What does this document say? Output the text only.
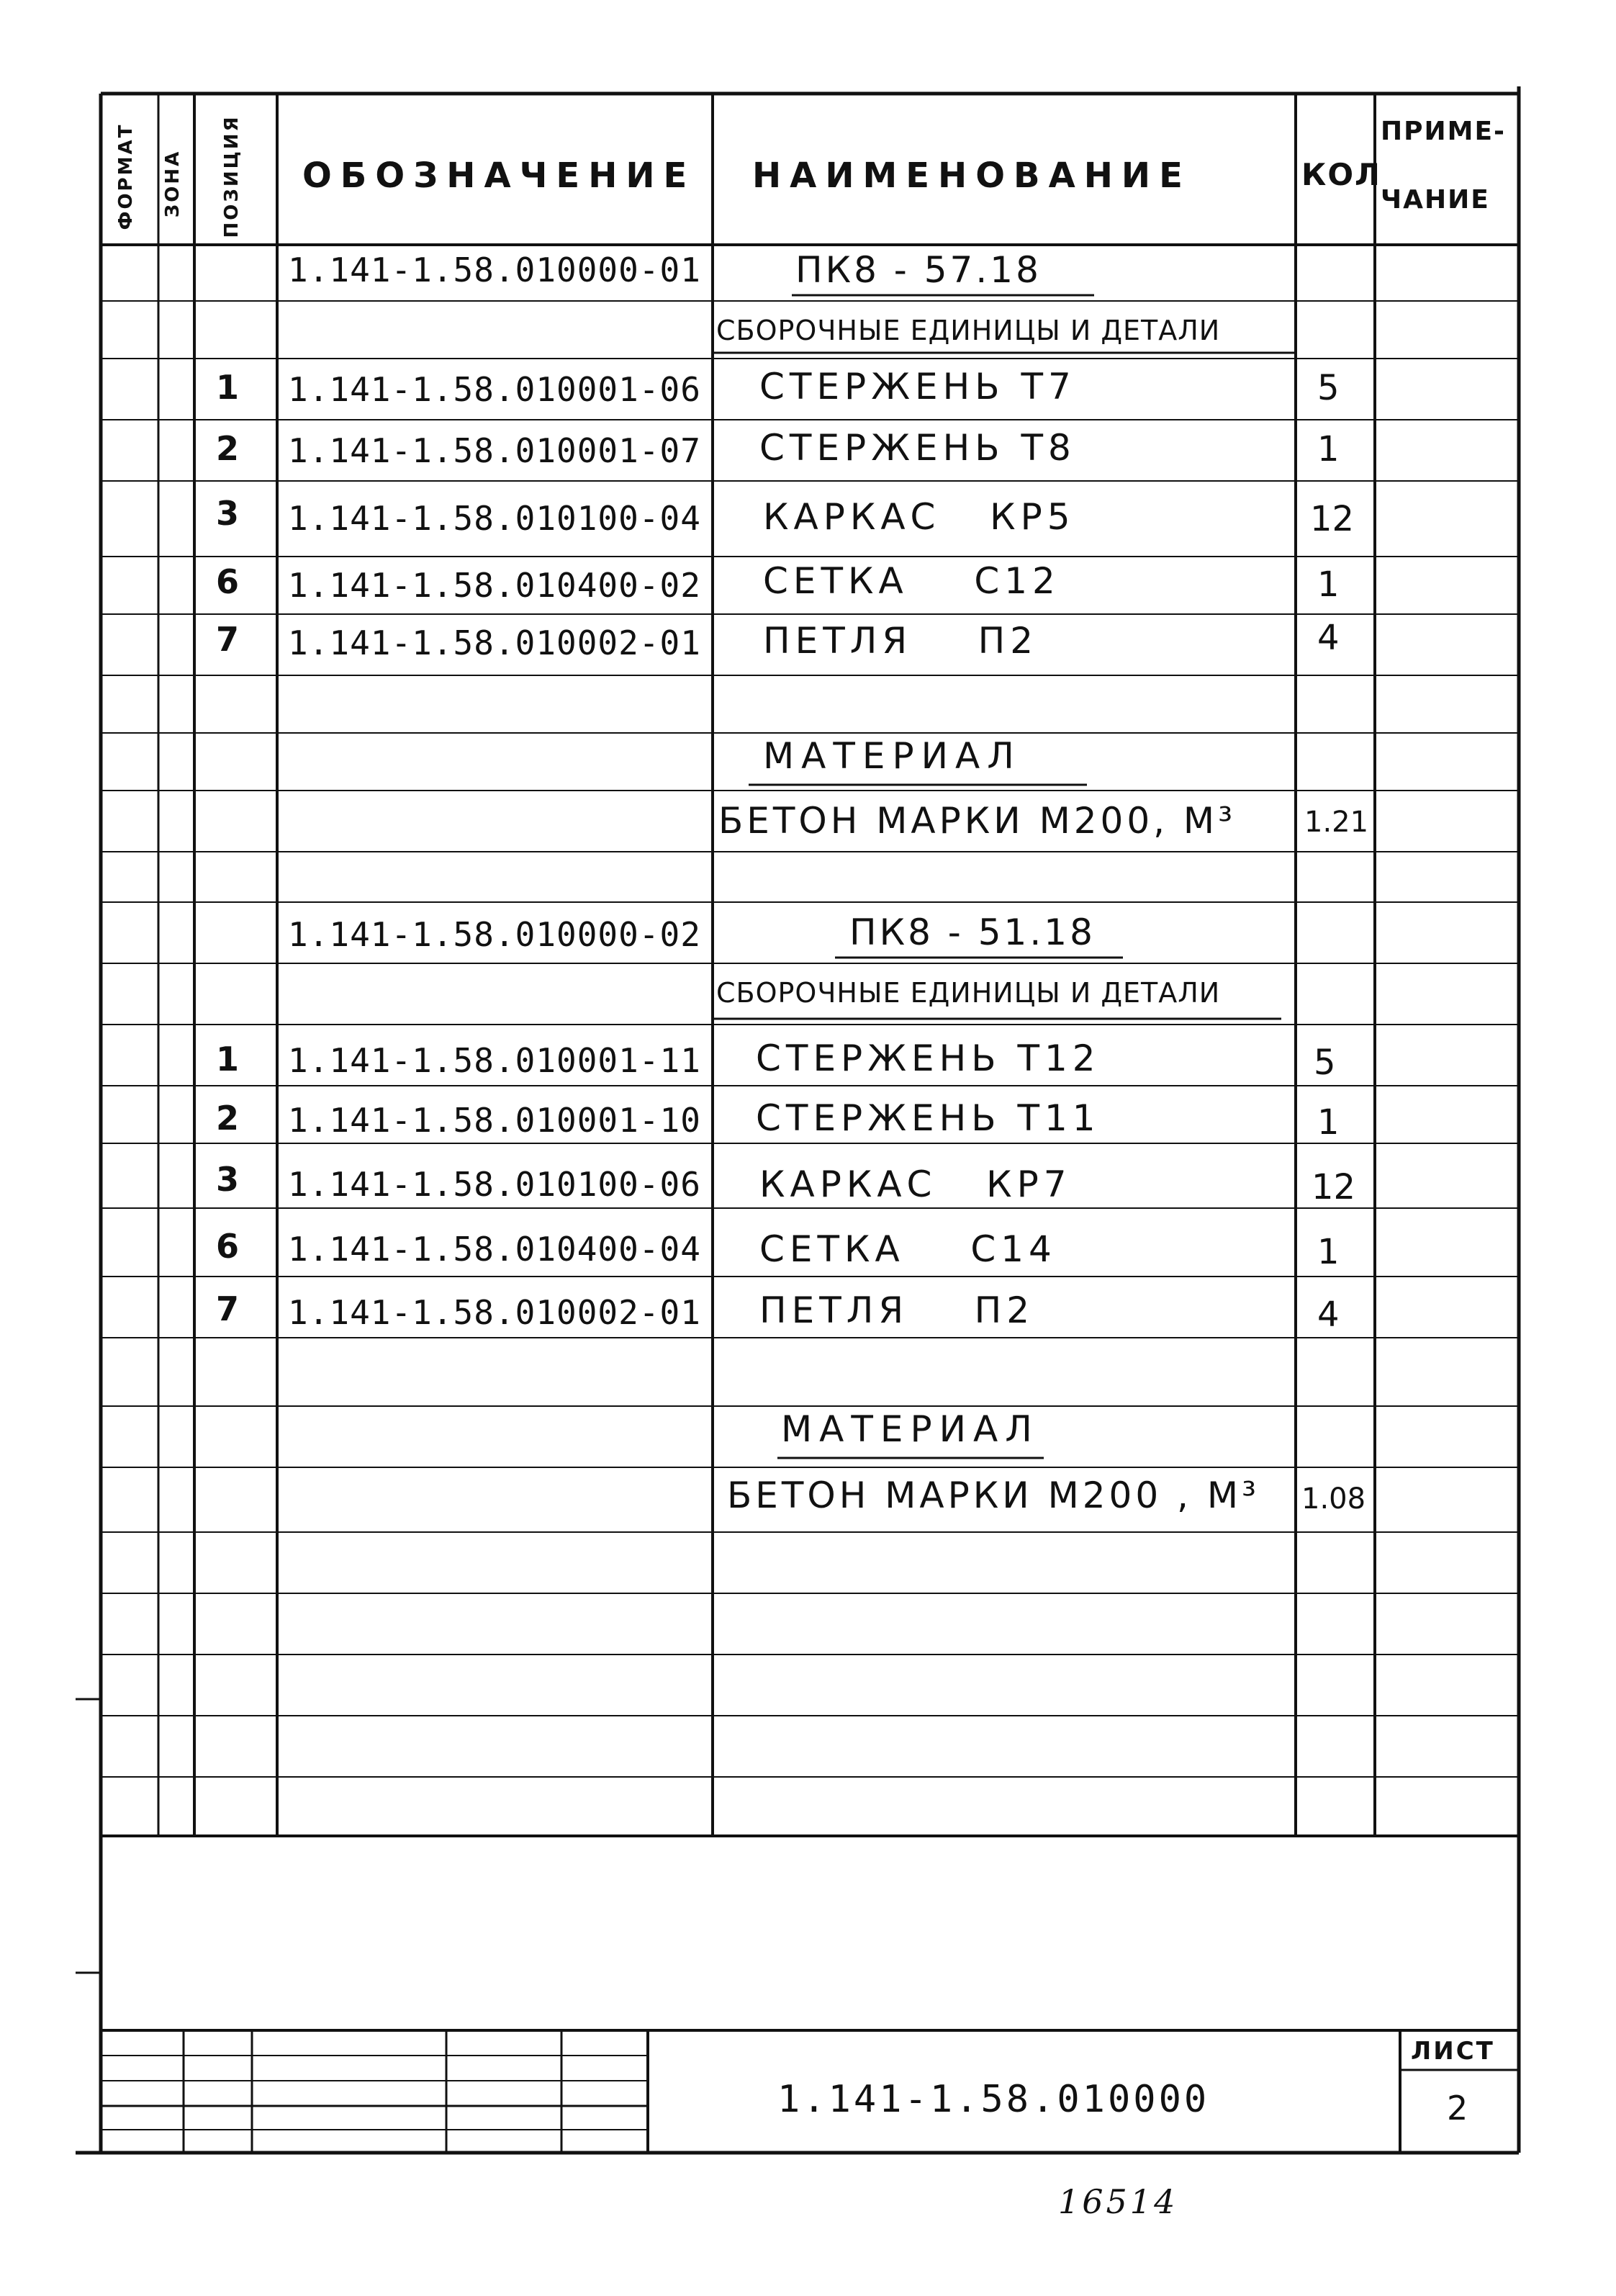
ФОРМАТ	ЗОНА	ПОЗИЦИЯ ОБОЗНАЧЕНИЕ НАИМЕНОВАНИЕ	КОЛ
ПРИМЕ-
ЧАНИЕ
1.141-1.58.010000-01	ПК8 - 57.18
СБОРОЧНЫЕ ЕДИНИЦЫ И ДЕТАЛИ
1 1.141-1.58.010001-06 СТЕРЖЕНЬ Т7	5
2 1.141-1.58.010001-07 СТЕРЖЕНЬ Т8	1
3 1.141-1.58.010100-04 КАРКАС   КР5	12
6 1.141-1.58.010400-02 СЕТКА    С12	1
7 1.141-1.58.010002-01 ПЕТЛЯ    П2	4
МАТЕРИАЛ
БЕТОН МАРКИ М200, М³ 1.21
1.141-1.58.010000-02	ПК8 - 51.18
СБОРОЧНЫЕ ЕДИНИЦЫ И ДЕТАЛИ
1 1.141-1.58.010001-11 СТЕРЖЕНЬ Т12	5
2 1.141-1.58.010001-10 СТЕРЖЕНЬ Т11	1
3 1.141-1.58.010100-06 КАРКАС   КР7	12
6 1.141-1.58.010400-04 СЕТКА    С14	1
7 1.141-1.58.010002-01 ПЕТЛЯ    П2	4
МАТЕРИАЛ
БЕТОН МАРКИ М200 , М³ 1.08
1.141-1.58.010000
ЛИСТ
2
16514
